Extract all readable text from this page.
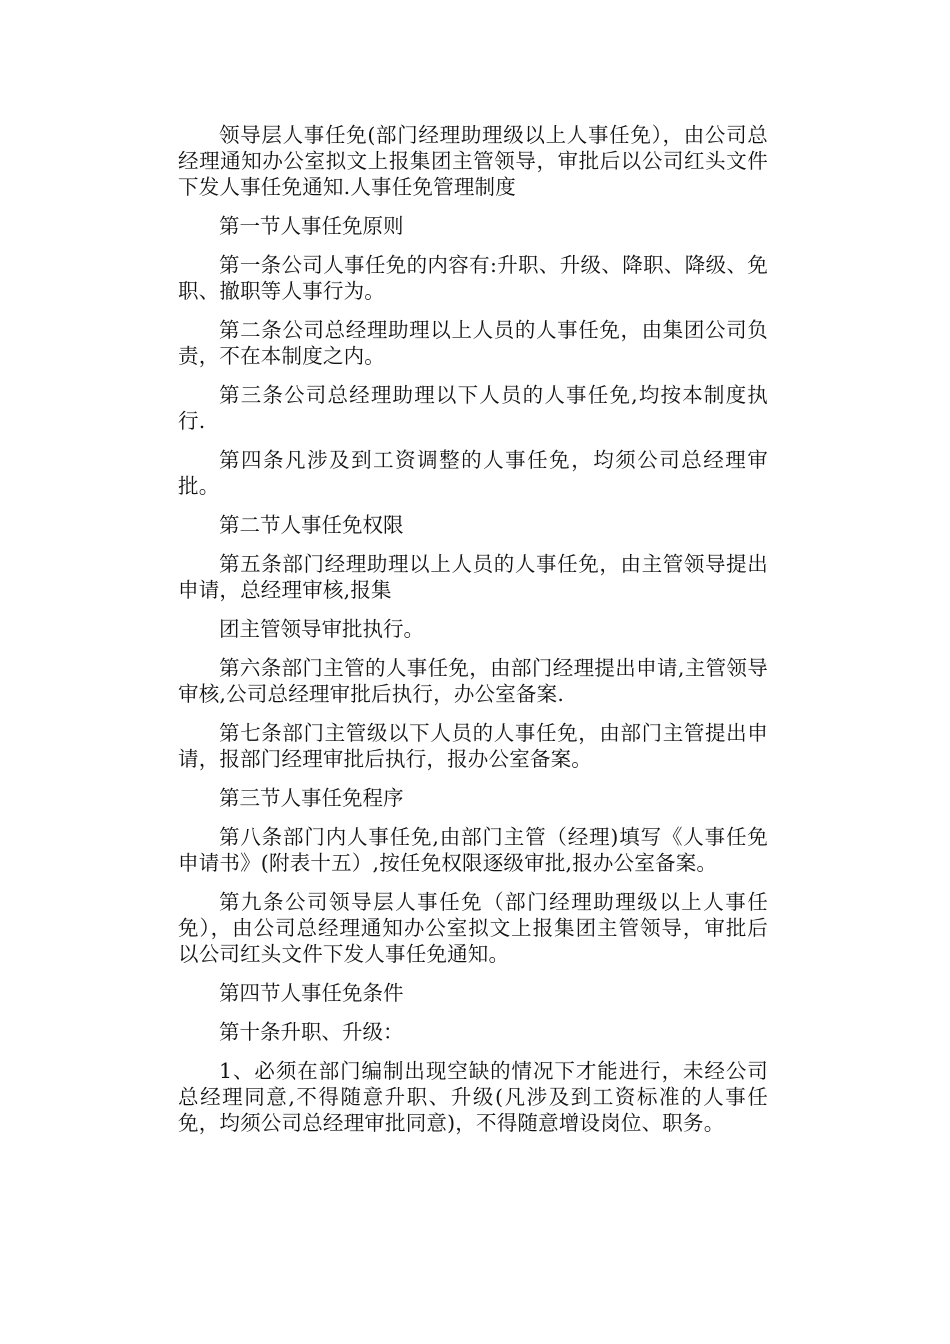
领导层人事任免(部门经理助理级以上人事任免），由公司总经理通知办公室拟文上报集团主管领导，审批后以公司红头文件下发人事任免通知.人事任免管理制度

第一节人事任免原则

第一条公司人事任免的内容有:升职、升级、降职、降级、免职、撤职等人事行为。

第二条公司总经理助理以上人员的人事任免，由集团公司负责，不在本制度之内。

第三条公司总经理助理以下人员的人事任免,均按本制度执行.

第四条凡涉及到工资调整的人事任免，均须公司总经理审批。

第二节人事任免权限

第五条部门经理助理以上人员的人事任免，由主管领导提出申请，总经理审核,报集

团主管领导审批执行。

第六条部门主管的人事任免，由部门经理提出申请,主管领导审核,公司总经理审批后执行，办公室备案.

第七条部门主管级以下人员的人事任免，由部门主管提出申请，报部门经理审批后执行，报办公室备案。

第三节人事任免程序

第八条部门内人事任免,由部门主管（经理)填写《人事任免申请书》(附表十五）,按任免权限逐级审批,报办公室备案。

第九条公司领导层人事任免（部门经理助理级以上人事任免），由公司总经理通知办公室拟文上报集团主管领导，审批后以公司红头文件下发人事任免通知。

第四节人事任免条件

第十条升职、升级：

1、必须在部门编制出现空缺的情况下才能进行，未经公司总经理同意,不得随意升职、升级(凡涉及到工资标准的人事任免，均须公司总经理审批同意)，不得随意增设岗位、职务。
